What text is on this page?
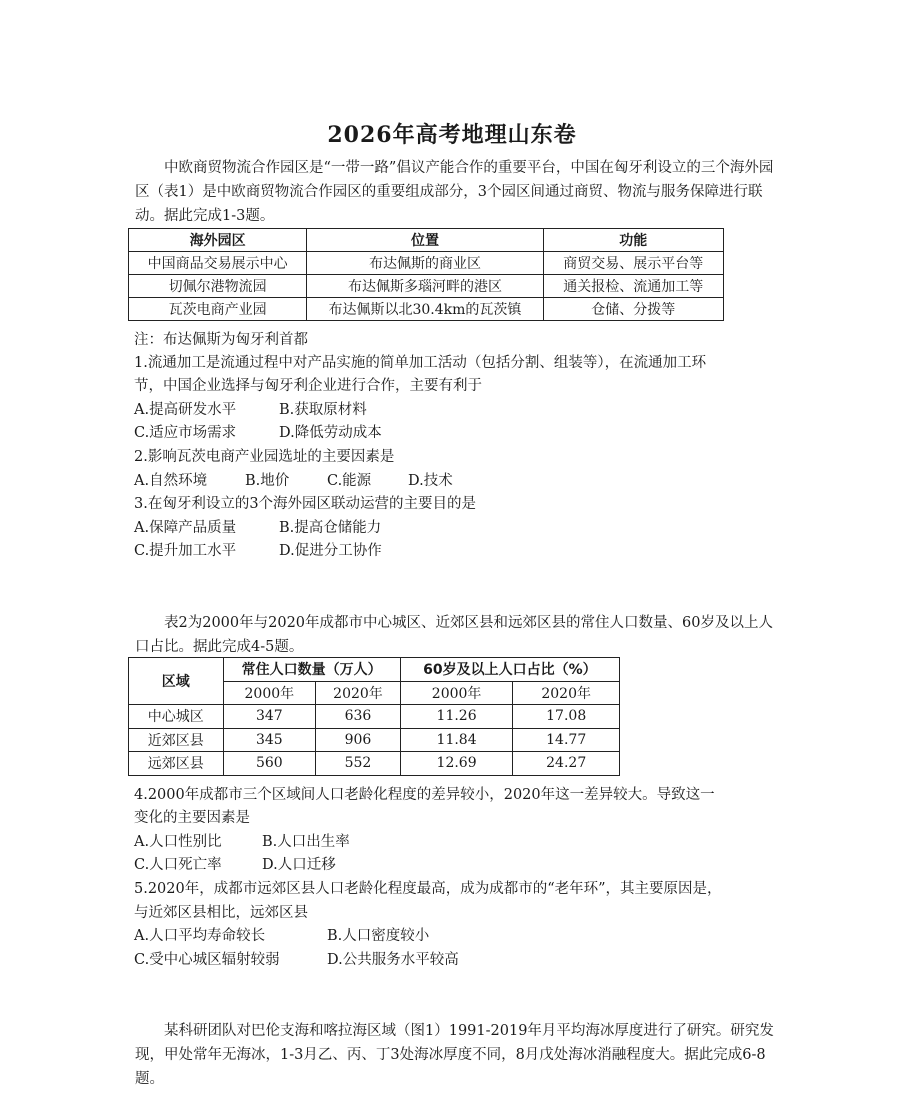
2026年高考地理山东卷
中欧商贸物流合作园区是“一带一路”倡议产能合作的重要平台，中国在匈牙利设立的三个海外园区（表1）是中欧商贸物流合作园区的重要组成部分，3个园区间通过商贸、物流与服务保障进行联动。据此完成1-3题。
海外园区	位置	功能
中国商品交易展示中心	布达佩斯的商业区	商贸交易、展示平台等
切佩尔港物流园	布达佩斯多瑙河畔的港区	通关报检、流通加工等
瓦茨电商产业园	布达佩斯以北30.4km的瓦茨镇	仓储、分拨等
注：布达佩斯为匈牙利首都
1.流通加工是流通过程中对产品实施的简单加工活动（包括分割、组装等），在流通加工环
节，中国企业选择与匈牙利企业进行合作，主要有利于
A.提高研发水平	B.获取原材料
C.适应市场需求	D.降低劳动成本
2.影响瓦茨电商产业园选址的主要因素是
A.自然环境	B.地价	C.能源	D.技术
3.在匈牙利设立的3个海外园区联动运营的主要目的是
A.保障产品质量	B.提高仓储能力
C.提升加工水平	D.促进分工协作
表2为2000年与2020年成都市中心城区、近郊区县和远郊区县的常住人口数量、60岁及以上人口占比。据此完成4-5题。
区域	常住人口数量（万人）		60岁及以上人口占比（%）	
	2000年	2020年	2000年	2020年
中心城区	347	636	11.26	17.08
近郊区县	345	906	11.84	14.77
远郊区县	560	552	12.69	24.27
4.2000年成都市三个区域间人口老龄化程度的差异较小，2020年这一差异较大。导致这一
变化的主要因素是
A.人口性别比	B.人口出生率
C.人口死亡率	D.人口迁移
5.2020年，成都市远郊区县人口老龄化程度最高，成为成都市的“老年环”，其主要原因是，
与近郊区县相比，远郊区县
A.人口平均寿命较长	B.人口密度较小
C.受中心城区辐射较弱	D.公共服务水平较高
某科研团队对巴伦支海和喀拉海区域（图1）1991-2019年月平均海冰厚度进行了研究。研究发现，甲处常年无海冰，1-3月乙、丙、丁3处海冰厚度不同，8月戊处海冰消融程度大。据此完成6-8题。
